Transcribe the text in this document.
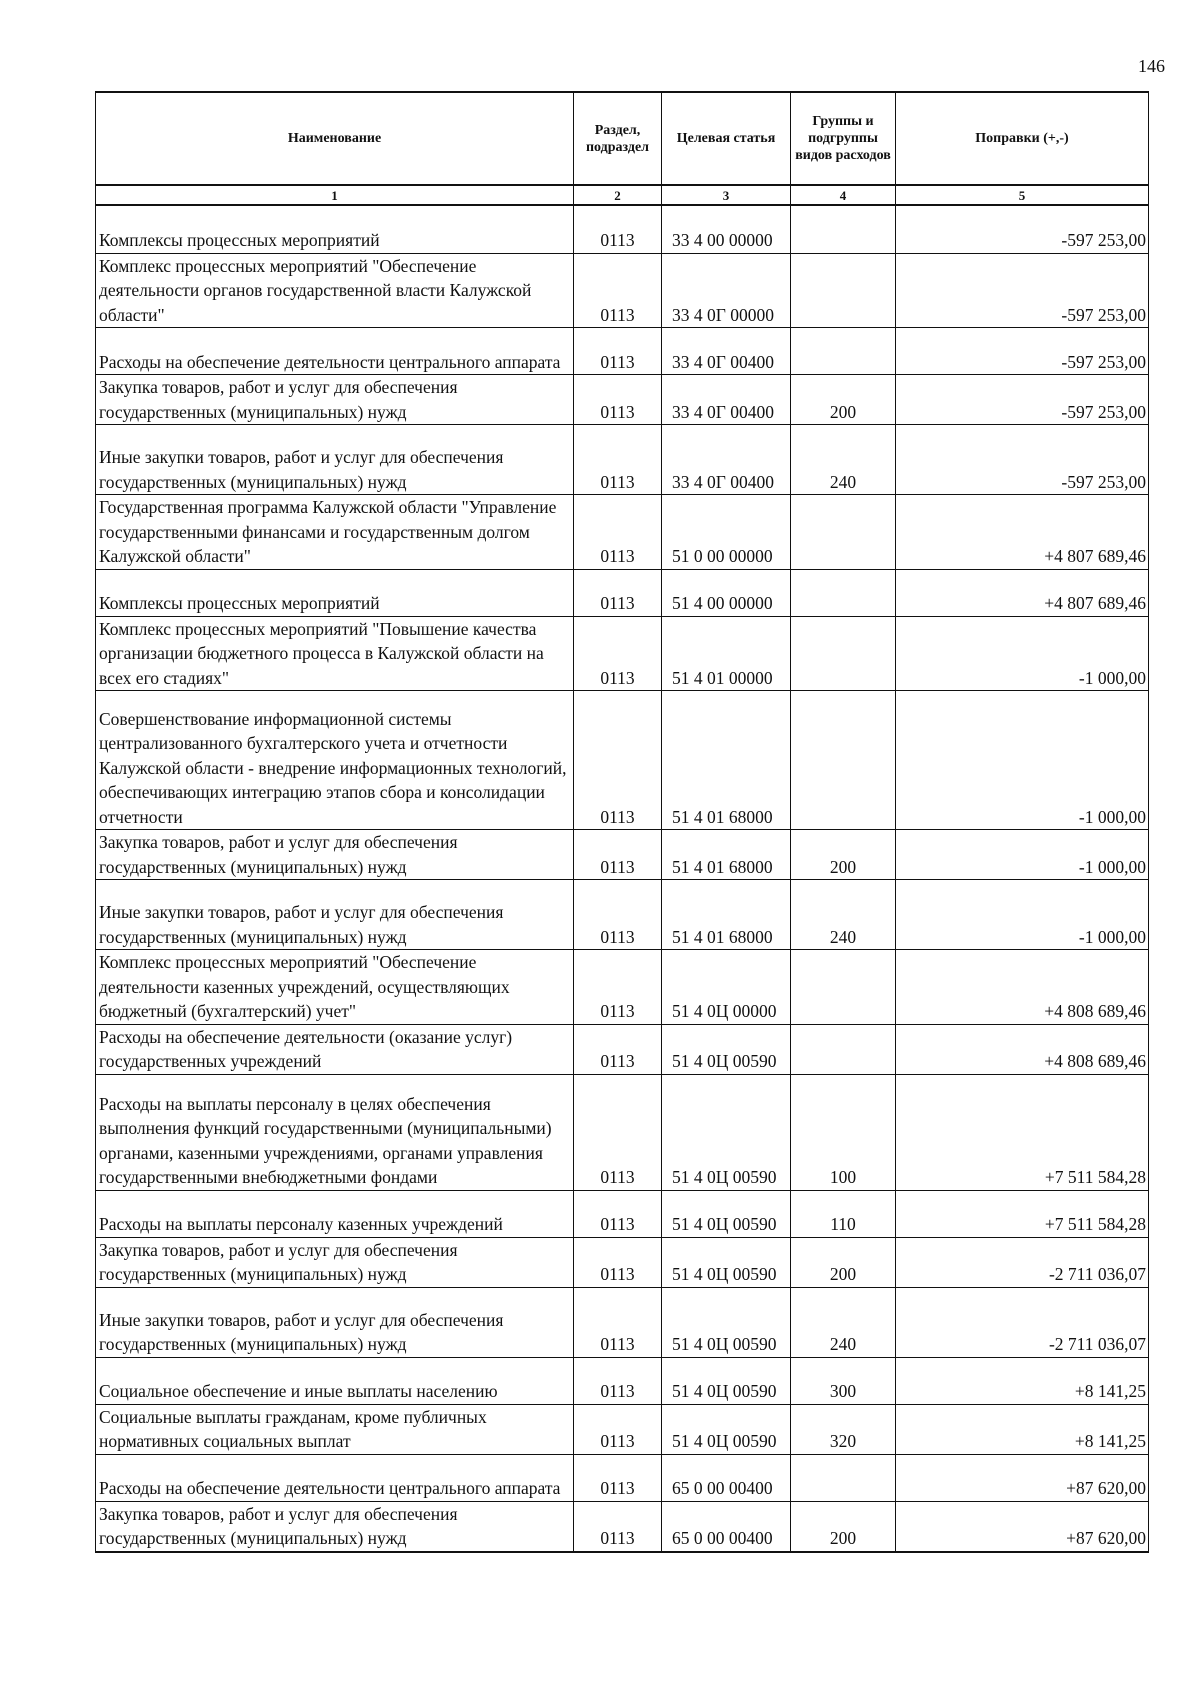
146
Наименование	Раздел, подраздел	Целевая статья	Группы и подгруппы видов расходов	Поправки (+,-)
1	2	3	4	5

Комплексы процессных мероприятий	0113	33 4 00 00000		-597 253,00
Комплекс процессных мероприятий "Обеспечение деятельности органов государственной власти Калужской области"	0113	33 4 0Г 00000		-597 253,00
Расходы на обеспечение деятельности центрального аппарата	0113	33 4 0Г 00400		-597 253,00
Закупка товаров, работ и услуг для обеспечения государственных (муниципальных) нужд	0113	33 4 0Г 00400	200	-597 253,00
Иные закупки товаров, работ и услуг для обеспечения государственных (муниципальных) нужд	0113	33 4 0Г 00400	240	-597 253,00
Государственная программа Калужской области "Управление государственными финансами и государственным долгом Калужской области"	0113	51 0 00 00000		+4 807 689,46
Комплексы процессных мероприятий	0113	51 4 00 00000		+4 807 689,46
Комплекс процессных мероприятий "Повышение качества организации бюджетного процесса в Калужской области на всех его стадиях"	0113	51 4 01 00000		-1 000,00
Совершенствование информационной системы централизованного бухгалтерского учета и отчетности Калужской области - внедрение информационных технологий, обеспечивающих интеграцию этапов сбора и консолидации отчетности	0113	51 4 01 68000		-1 000,00
Закупка товаров, работ и услуг для обеспечения государственных (муниципальных) нужд	0113	51 4 01 68000	200	-1 000,00
Иные закупки товаров, работ и услуг для обеспечения государственных (муниципальных) нужд	0113	51 4 01 68000	240	-1 000,00
Комплекс процессных мероприятий "Обеспечение деятельности казенных учреждений, осуществляющих бюджетный (бухгалтерский) учет"	0113	51 4 0Ц 00000		+4 808 689,46
Расходы на обеспечение деятельности (оказание услуг) государственных учреждений	0113	51 4 0Ц 00590		+4 808 689,46
Расходы на выплаты персоналу в целях обеспечения выполнения функций государственными (муниципальными) органами, казенными учреждениями, органами управления государственными внебюджетными фондами	0113	51 4 0Ц 00590	100	+7 511 584,28
Расходы на выплаты персоналу казенных учреждений	0113	51 4 0Ц 00590	110	+7 511 584,28
Закупка товаров, работ и услуг для обеспечения государственных (муниципальных) нужд	0113	51 4 0Ц 00590	200	-2 711 036,07
Иные закупки товаров, работ и услуг для обеспечения государственных (муниципальных) нужд	0113	51 4 0Ц 00590	240	-2 711 036,07
Социальное обеспечение и иные выплаты населению	0113	51 4 0Ц 00590	300	+8 141,25
Социальные выплаты гражданам, кроме публичных нормативных социальных выплат	0113	51 4 0Ц 00590	320	+8 141,25
Расходы на обеспечение деятельности центрального аппарата	0113	65 0 00 00400		+87 620,00
Закупка товаров, работ и услуг для обеспечения государственных (муниципальных) нужд	0113	65 0 00 00400	200	+87 620,00
